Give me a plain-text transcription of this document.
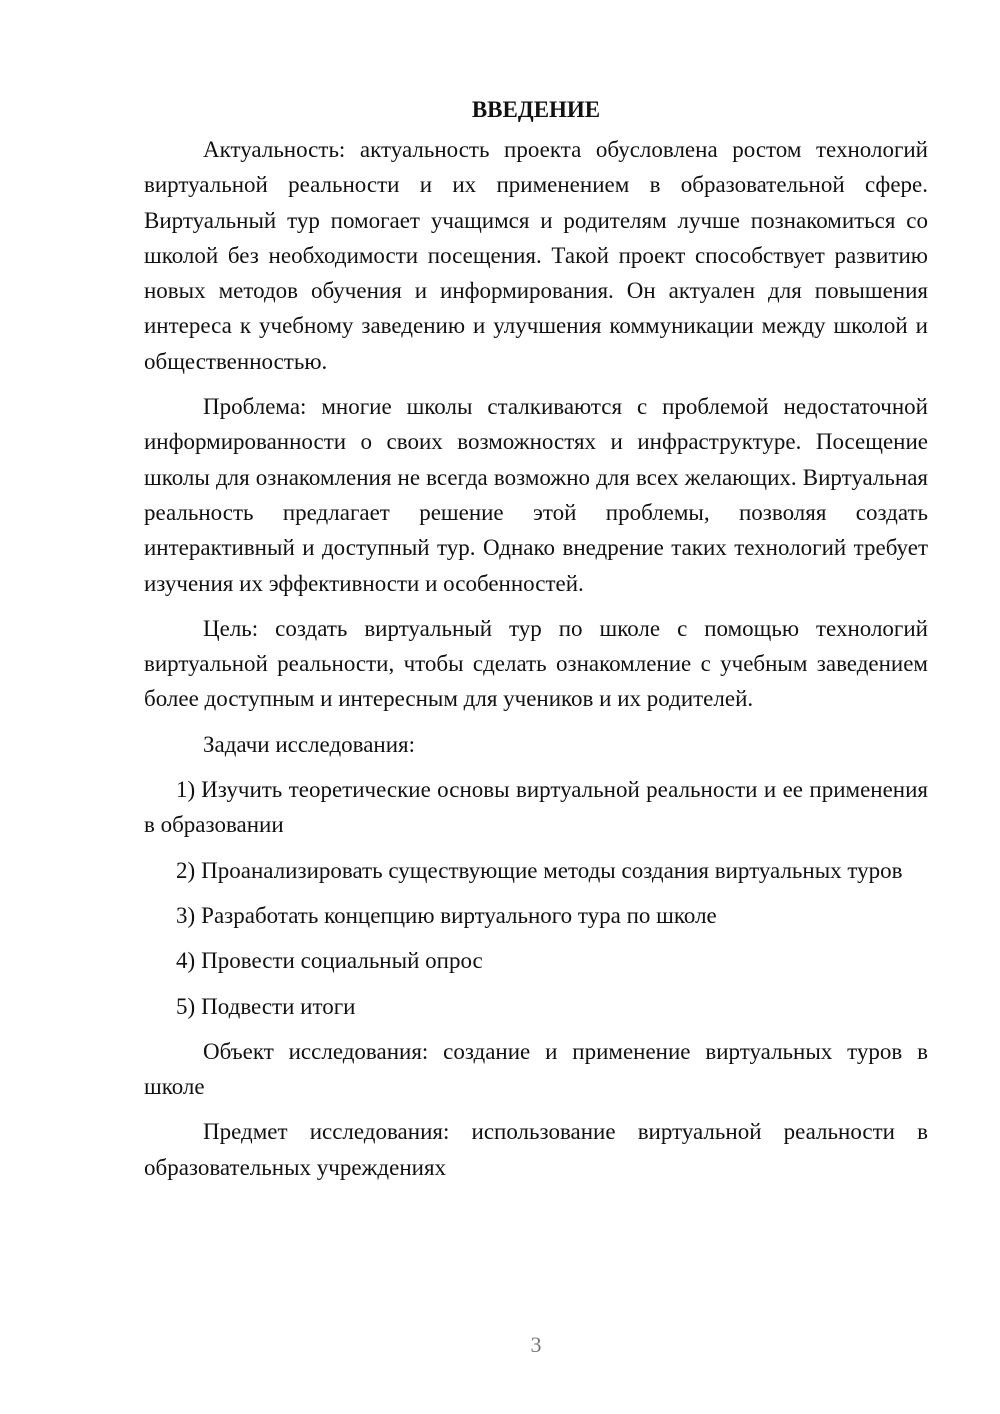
ВВЕДЕНИЕ

Актуальность: актуальность проекта обусловлена ростом технологий виртуальной реальности и их применением в образовательной сфере. Виртуальный тур помогает учащимся и родителям лучше познакомиться со школой без необходимости посещения. Такой проект способствует развитию новых методов обучения и информирования. Он актуален для повышения интереса к учебному заведению и улучшения коммуникации между школой и общественностью.

Проблема: многие школы сталкиваются с проблемой недостаточной информированности о своих возможностях и инфраструктуре. Посещение школы для ознакомления не всегда возможно для всех желающих. Виртуальная реальность предлагает решение этой проблемы, позволяя создать интерактивный и доступный тур. Однако внедрение таких технологий требует изучения их эффективности и особенностей.

Цель: создать виртуальный тур по школе с помощью технологий виртуальной реальности, чтобы сделать ознакомление с учебным заведением более доступным и интересным для учеников и их родителей.

Задачи исследования:

1) Изучить теоретические основы виртуальной реальности и ее применения в образовании

2) Проанализировать существующие методы создания виртуальных туров

3) Разработать концепцию виртуального тура по школе

4) Провести социальный опрос

5) Подвести итоги

Объект исследования: создание и применение виртуальных туров в школе

Предмет исследования: использование виртуальной реальности в образовательных учреждениях

3
